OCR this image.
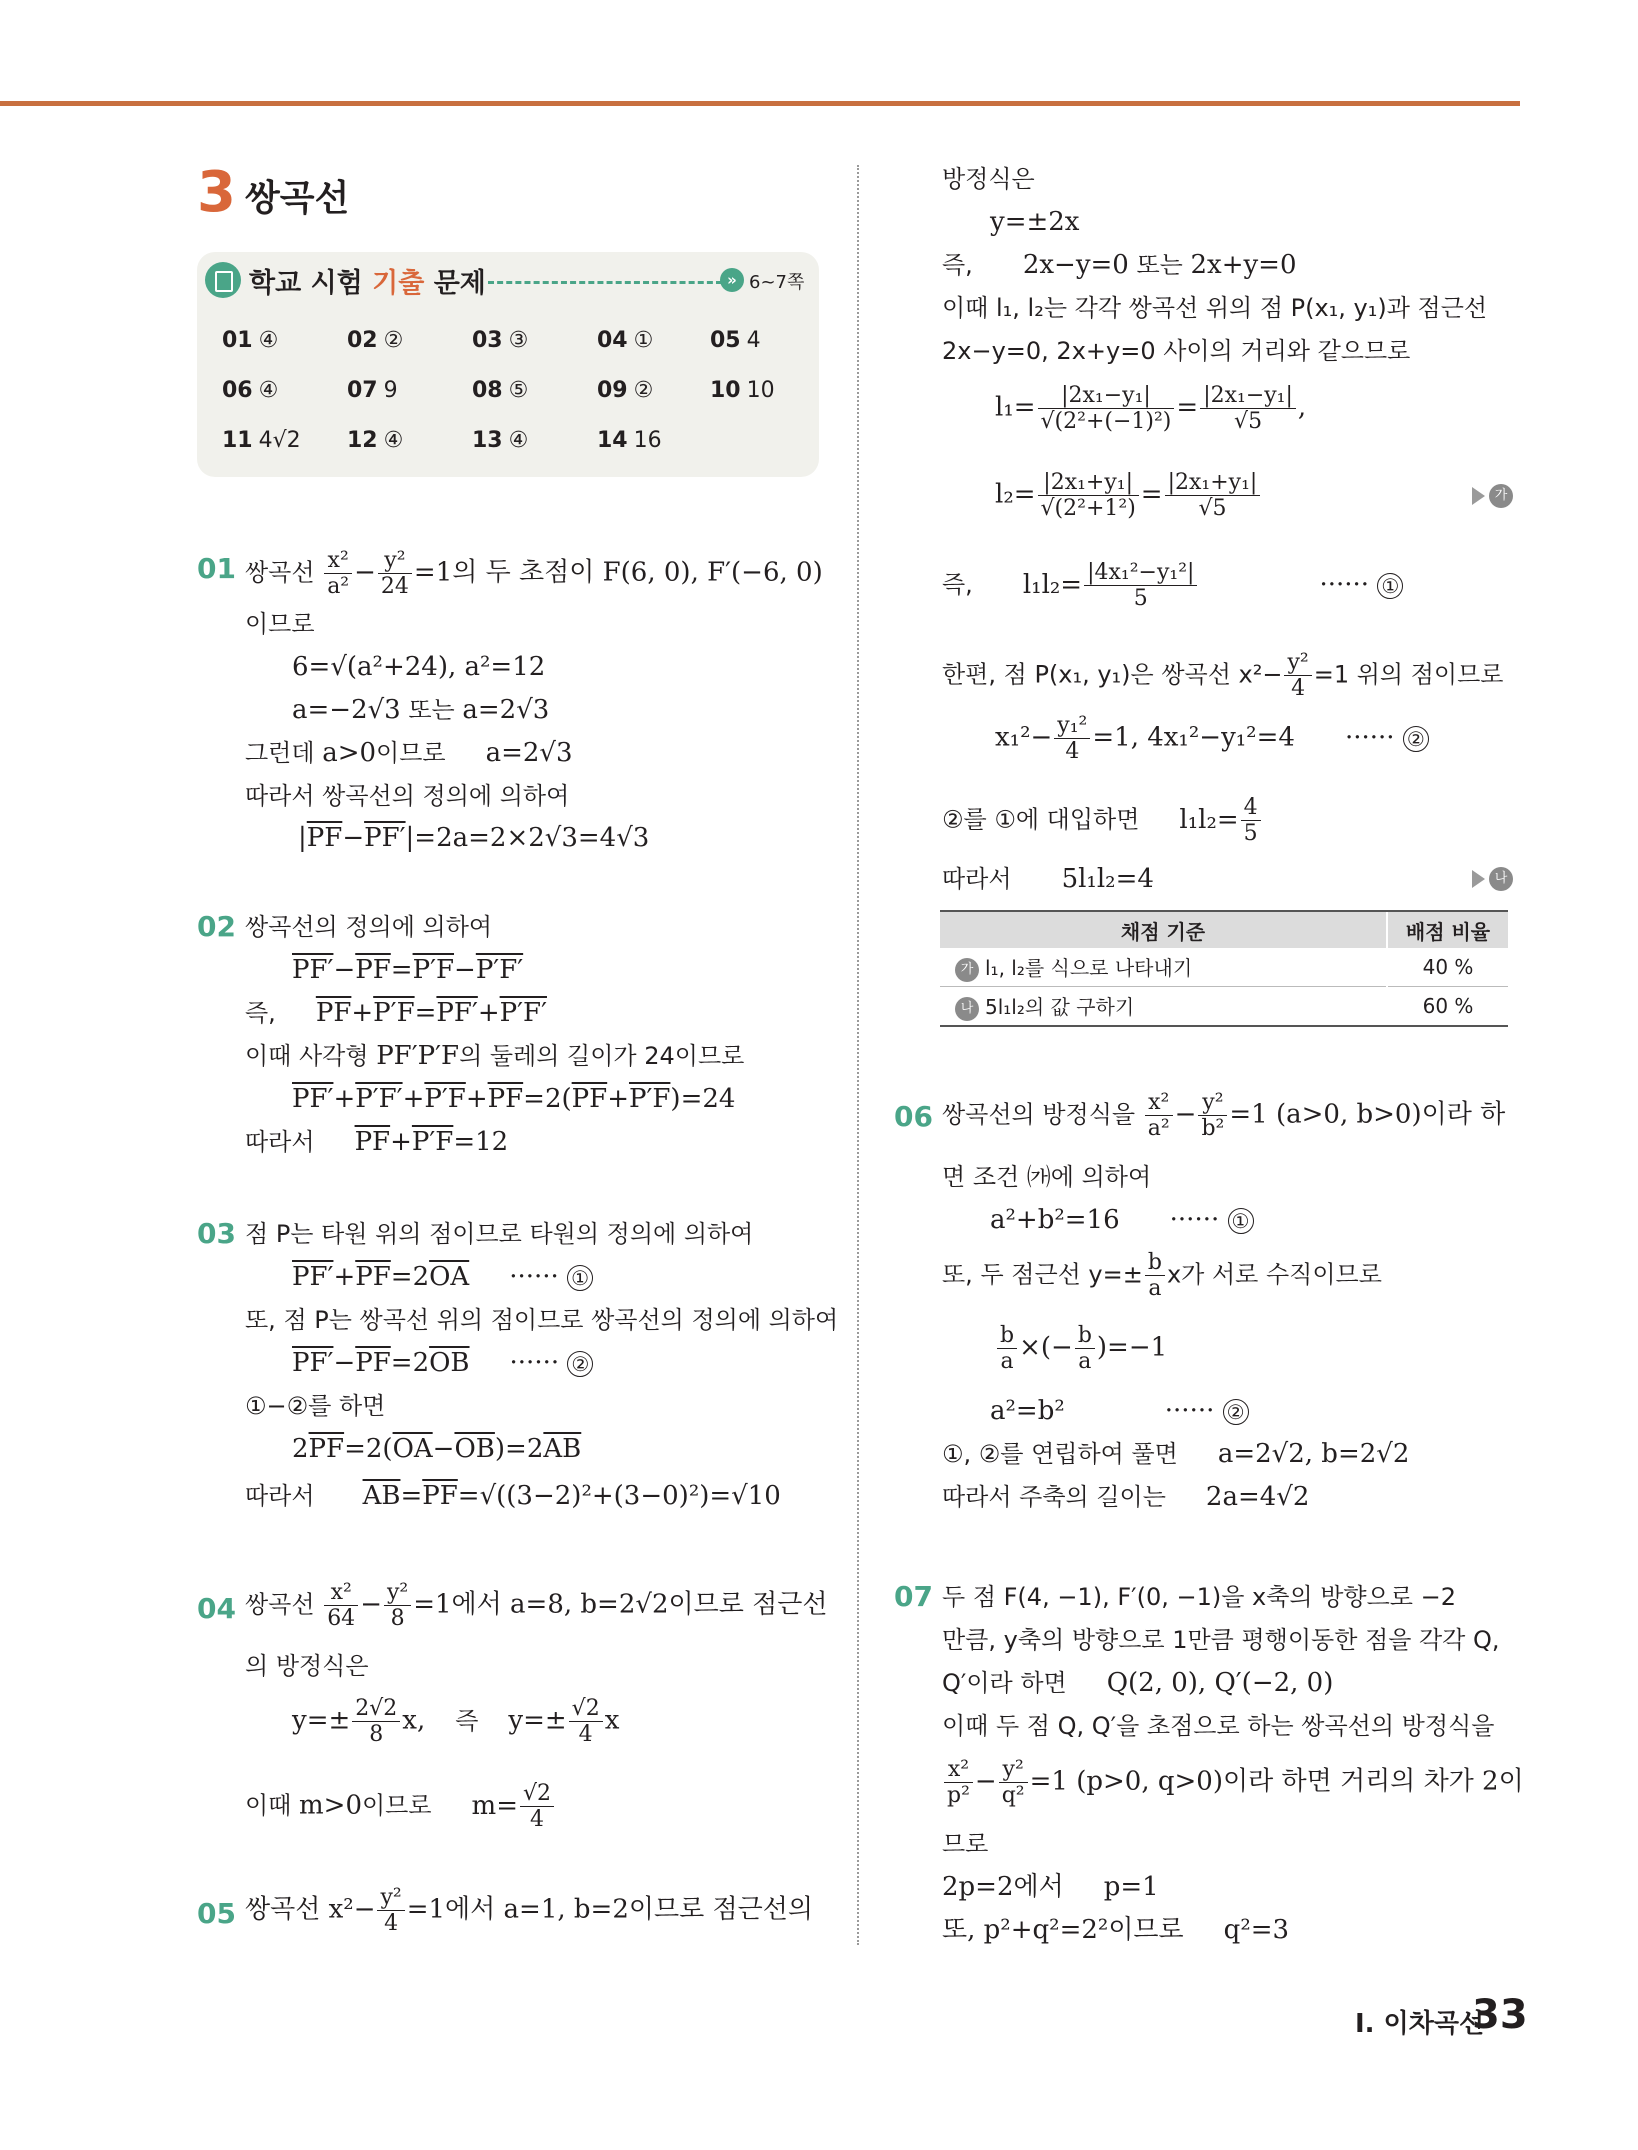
3 쌍곡선
학교 시험 기출 문제	» 6~7쪽
01 ④	02 ②	03 ③	04 ①	05 4
06 ④	07 9	08 ⑤	09 ②	10 10
11 4√2 12 ④	13 ④	14 16
01 쌍곡선 $\frac{\text{x²}}{\text{a²}} - \frac{\text{y²}}{24} =1$의 두 초점이 F(6, 0), F′(−6, 0)
이므로
6=√(a²+24), a²=12
a=−2√3 또는 a=2√3
그런데 a>0이므로 a=2√3
따라서 쌍곡선의 정의에 의하여
$|\overline{PF}-PF'|=2a=2\times 2√3=4√3$
02 쌍곡선의 정의에 의하여
$PF'-\overline{PF}=P'F-P'F'$
즉, $\overline{PF}+P'F=PF'+P'F'$
이때 사각형 PF′P′F의 둘레의 길이가 24이므로
$PF'+P'F'+P'F+\overline{PF}=2(\overline{PF}+P'F)=24$
따라서 $\overline{PF}+P'F=12$
03 점 P는 타원 위의 점이므로 타원의 정의에 의하여
$PF'+\overline{PF}=2\overline{OA}$ ······ ①
또, 점 P는 쌍곡선 위의 점이므로 쌍곡선의 정의에 의하여
$PF'-\overline{PF}=2\overline{OB}$ ······ ②
①−②를 하면
$2\overline{PF}=2(\overline{OA}-\overline{OB})=2\overline{AB}$
따라서 $\overline{AB}=\overline{PF}=√((3-2)^2+(3-0)^2)=√10$
04 쌍곡선 $\frac{\text{x²}}{64} - \frac{\text{y²}}{8} =1$에서 a=8, b=2√2이므로 점근선
의 방정식은
$y=\pm \frac{2√2}{8} x$, 즉 $y=\pm \frac{√2}{4}$ x
이때 m>0이므로 $m= \frac{√2}{4}$
05 쌍곡선 $x^2- \frac{\text{y²}}{4} =1$에서 a=1, b=2이므로 점근선의
방정식은
y=±2x
즉, 2x−y=0 또는 2x+y=0
이때 l₁, l₂는 각각 쌍곡선 위의 점 P(x₁, y₁)과 점근선
2x−y=0, 2x+y=0 사이의 거리와 같으므로
$l_1= \frac{\text{|2x₁−y₁|}}{\text{√(2²+(−1)²)}} = \frac{\text{|2x₁−y₁|}}{√5}$ ,
$l_2= \frac{\text{|2x₁+y₁|}}{\text{√(2²+1²)}} = \frac{\text{|2x₁+y₁|}}{√5}$	가
즉, $l_1l_2= \frac{\text{|4x₁²−y₁²|}}{5}$	······ ①
한편, 점 P(x₁, y₁)은 쌍곡선 $x^2- \frac{\text{y²}}{4} =1$ 위의 점이므로
$x_1^2- \frac{\text{y₁²}}{4} =1$, 4x₁²−y₁²=4 ······ ②
②를 ①에 대입하면 $l_1l_2= \frac{4}{5}$
따라서 5l₁l₂=4	나
채점 기준	배점 비율
가 l₁, l₂를 식으로 나타내기	40 %
나 5l₁l₂의 값 구하기	60 %
06 쌍곡선의 방정식을 $\frac{\text{x²}}{\text{a²}} - \frac{\text{y²}}{\text{b²}} =1$ (a>0, b>0)이라 하
면 조건 ㈎에 의하여
a²+b²=16 ······ ①
또, 두 점근선 $y=\pm \frac{b}{a}$ x가 서로 수직이므로
$\frac{b}{a}$ ×(− $\frac{b}{a} )=-1$
a²=b²	······ ②
①, ②를 연립하여 풀면 a=2√2, b=2√2
따라서 주축의 길이는 2a=4√2
07 두 점 F(4, −1), F′(0, −1)을 x축의 방향으로 −2
만큼, y축의 방향으로 1만큼 평행이동한 점을 각각 Q,
Q′이라 하면 Q(2, 0), Q′(−2, 0)
이때 두 점 Q, Q′을 초점으로 하는 쌍곡선의 방정식을
$\frac{\text{x²}}{\text{p²}} - \frac{\text{y²}}{\text{q²}} =1$ (p>0, q>0)이라 하면 거리의 차가 2이
므로
2p=2에서 p=1
또, p²+q²=2²이므로 q²=3
Ⅰ. 이차곡선
33
